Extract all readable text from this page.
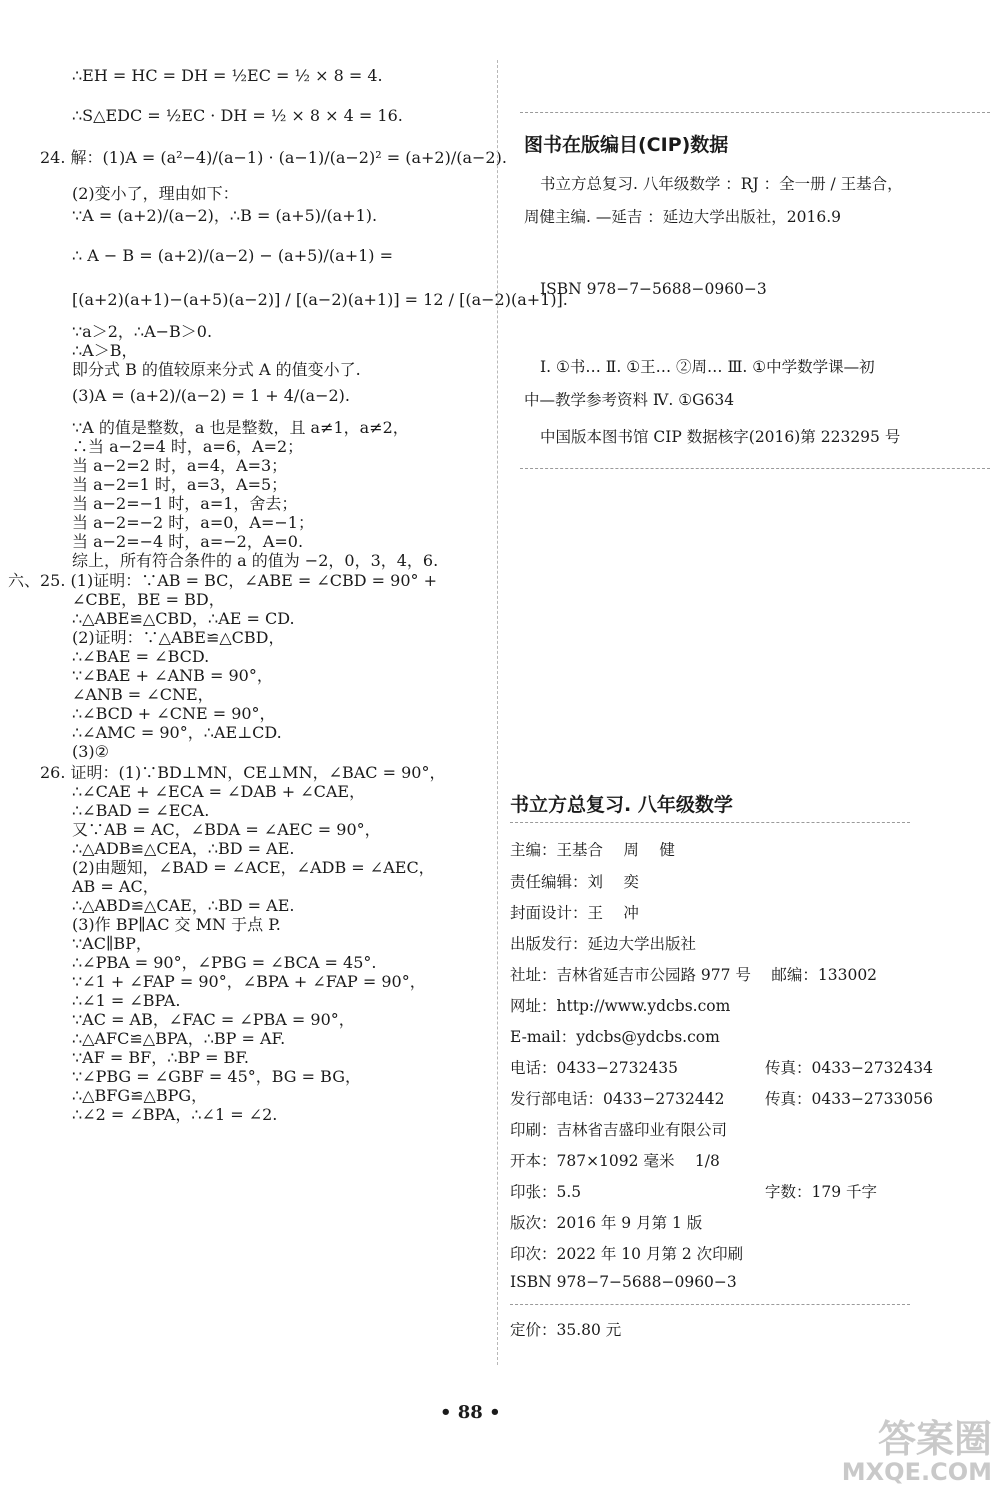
∴EH = HC = DH = ½EC = ½ × 8 = 4.
∴S△EDC = ½EC · DH = ½ × 8 × 4 = 16.
24. 解：(1)A = (a²−4)/(a−1) · (a−1)/(a−2)² = (a+2)/(a−2).
(2)变小了，理由如下：
∵A = (a+2)/(a−2)，∴B = (a+5)/(a+1).
∴ A − B = (a+2)/(a−2) − (a+5)/(a+1) =
[(a+2)(a+1)−(a+5)(a−2)] / [(a−2)(a+1)] = 12 / [(a−2)(a+1)].
∵a＞2，∴A−B＞0.
∴A＞B，
即分式 B 的值较原来分式 A 的值变小了.
(3)A = (a+2)/(a−2) = 1 + 4/(a−2).
∵A 的值是整数，a 也是整数，且 a≠1，a≠2，
∴当 a−2=4 时，a=6，A=2；
当 a−2=2 时，a=4，A=3；
当 a−2=1 时，a=3，A=5；
当 a−2=−1 时，a=1，舍去；
当 a−2=−2 时，a=0，A=−1；
当 a−2=−4 时，a=−2，A=0.
综上，所有符合条件的 a 的值为 −2，0，3，4，6.
六、25. (1)证明：∵AB = BC，∠ABE = ∠CBD = 90° +
∠CBE，BE = BD，
∴△ABE≌△CBD，∴AE = CD.
(2)证明：∵△ABE≌△CBD，
∴∠BAE = ∠BCD.
∵∠BAE + ∠ANB = 90°，
∠ANB = ∠CNE，
∴∠BCD + ∠CNE = 90°，
∴∠AMC = 90°，∴AE⊥CD.
(3)②
26. 证明：(1)∵BD⊥MN，CE⊥MN，∠BAC = 90°，
∴∠CAE + ∠ECA = ∠DAB + ∠CAE，
∴∠BAD = ∠ECA.
又∵AB = AC，∠BDA = ∠AEC = 90°，
∴△ADB≌△CEA，∴BD = AE.
(2)由题知，∠BAD = ∠ACE，∠ADB = ∠AEC，
AB = AC，
∴△ABD≌△CAE，∴BD = AE.
(3)作 BP∥AC 交 MN 于点 P.
∵AC∥BP，
∴∠PBA = 90°，∠PBG = ∠BCA = 45°.
∵∠1 + ∠FAP = 90°，∠BPA + ∠FAP = 90°，
∴∠1 = ∠BPA.
∵AC = AB，∠FAC = ∠PBA = 90°，
∴△AFC≌△BPA，∴BP = AF.
∵AF = BF，∴BP = BF.
∵∠PBG = ∠GBF = 45°，BG = BG，
∴△BFG≌△BPG，
∴∠2 = ∠BPA，∴∠1 = ∠2.
图书在版编目(CIP)数据
书立方总复习. 八年级数学 ：RJ ：全一册 / 王基合，
周健主编. —延吉 ：延边大学出版社，2016.9
ISBN 978−7−5688−0960−3
Ⅰ. ①书… Ⅱ. ①王… ②周… Ⅲ. ①中学数学课—初
中—教学参考资料 Ⅳ. ①G634
中国版本图书馆 CIP 数据核字(2016)第 223295 号
书立方总复习. 八年级数学
主编：王基合　 周　 健
责任编辑：刘　 奕
封面设计：王　 冲
出版发行：延边大学出版社
社址：吉林省延吉市公园路 977 号　 邮编：133002
网址：http://www.ydcbs.com
E-mail：ydcbs@ydcbs.com
电话：0433−2732435	传真：0433−2732434
发行部电话：0433−2732442	传真：0433−2733056
印刷：吉林省吉盛印业有限公司
开本：787×1092 毫米　 1/8
印张：5.5	字数：179 千字
版次：2016 年 9 月第 1 版
印次：2022 年 10 月第 2 次印刷
ISBN 978−7−5688−0960−3
定价：35.80 元
• 88 •
答案圈
MXQE.COM
